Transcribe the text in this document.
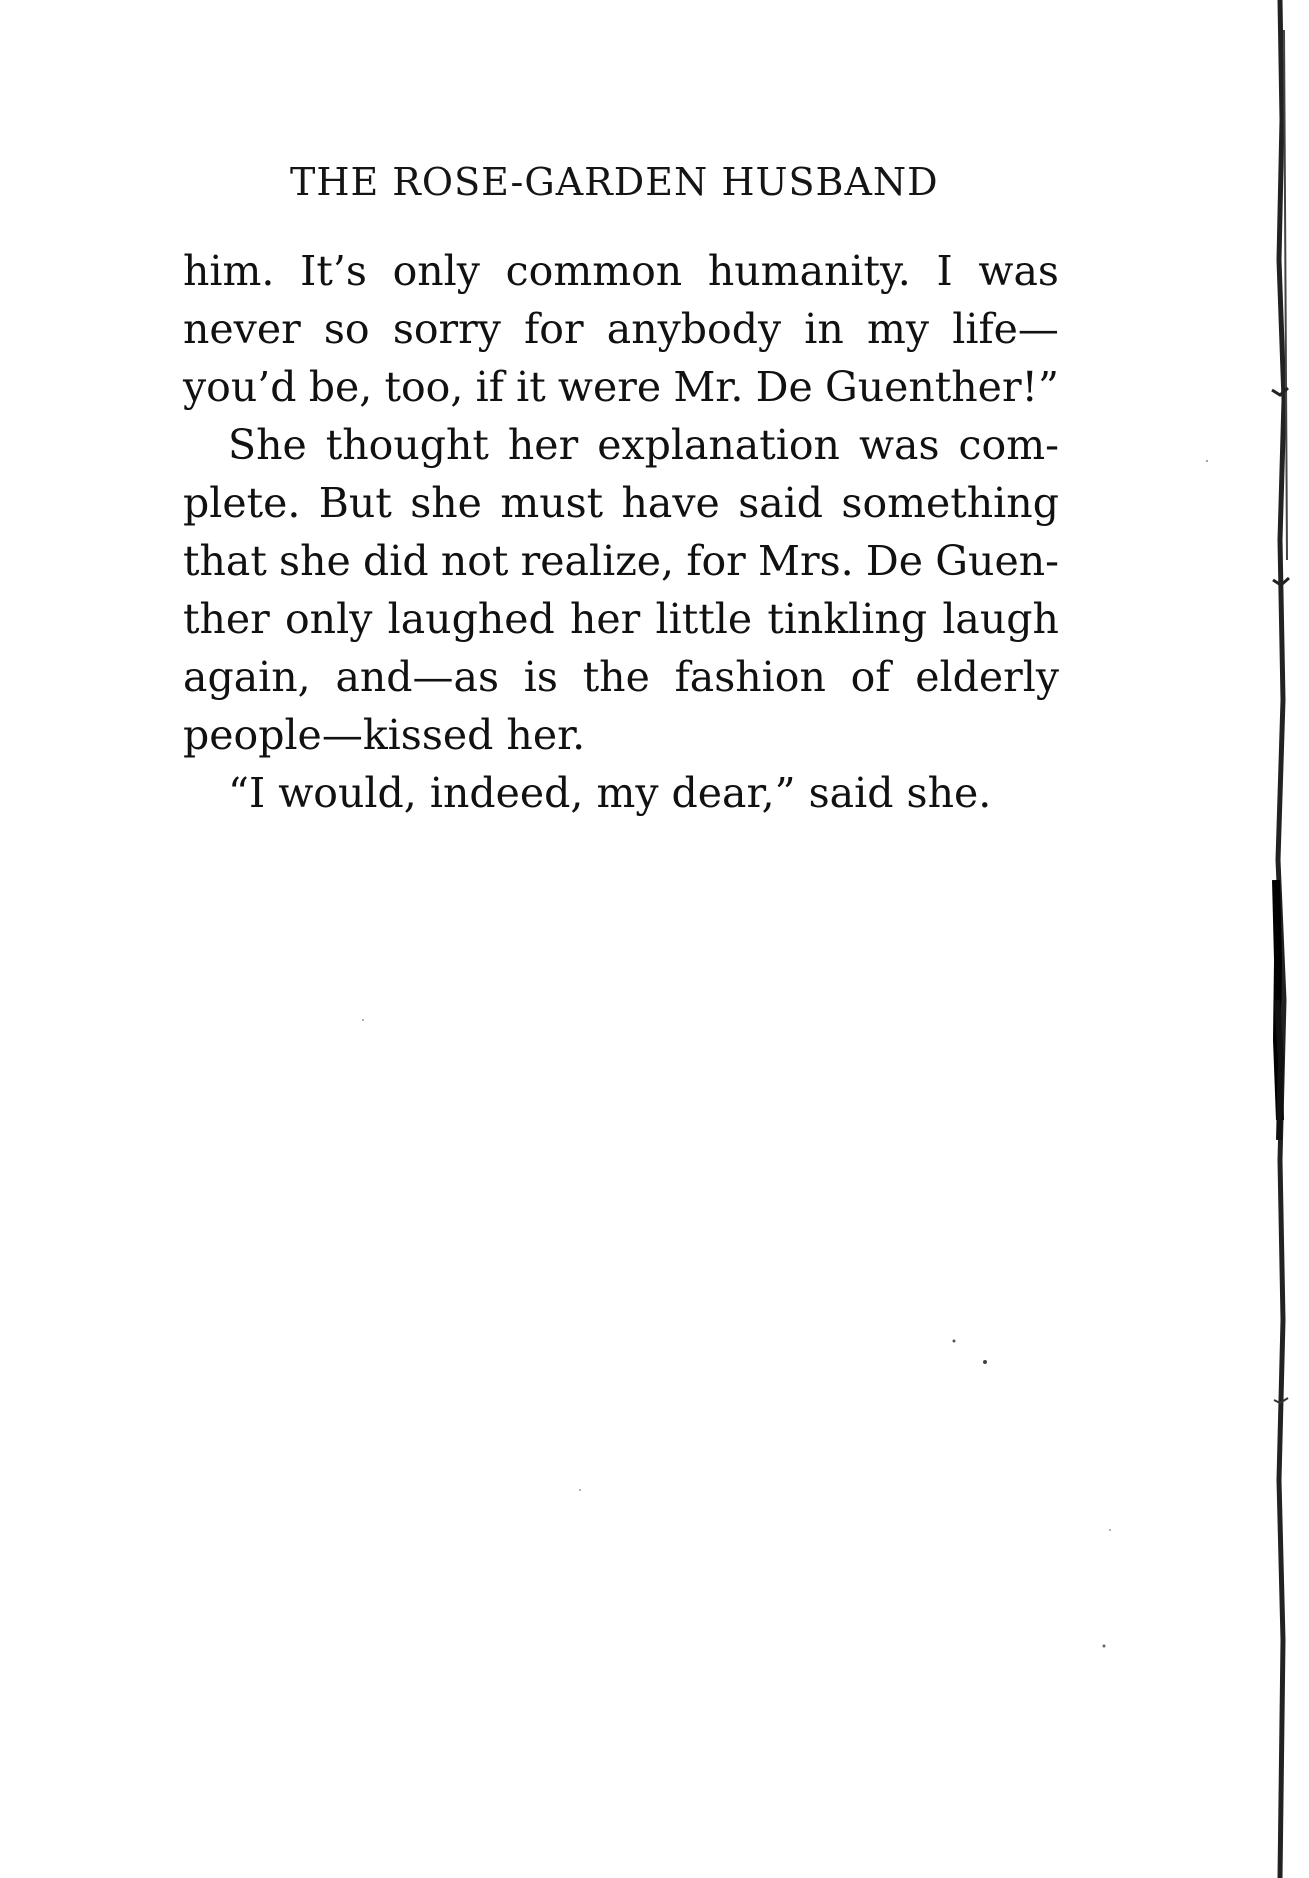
THE ROSE-GARDEN HUSBAND
him. It’s only common humanity. I was
never so sorry for anybody in my life—
you’d be, too, if it were Mr. De Guenther!”
She thought her explanation was com-
plete. But she must have said something
that she did not realize, for Mrs. De Guen-
ther only laughed her little tinkling laugh
again, and—as is the fashion of elderly
people—kissed her.
“I would, indeed, my dear,” said she.
